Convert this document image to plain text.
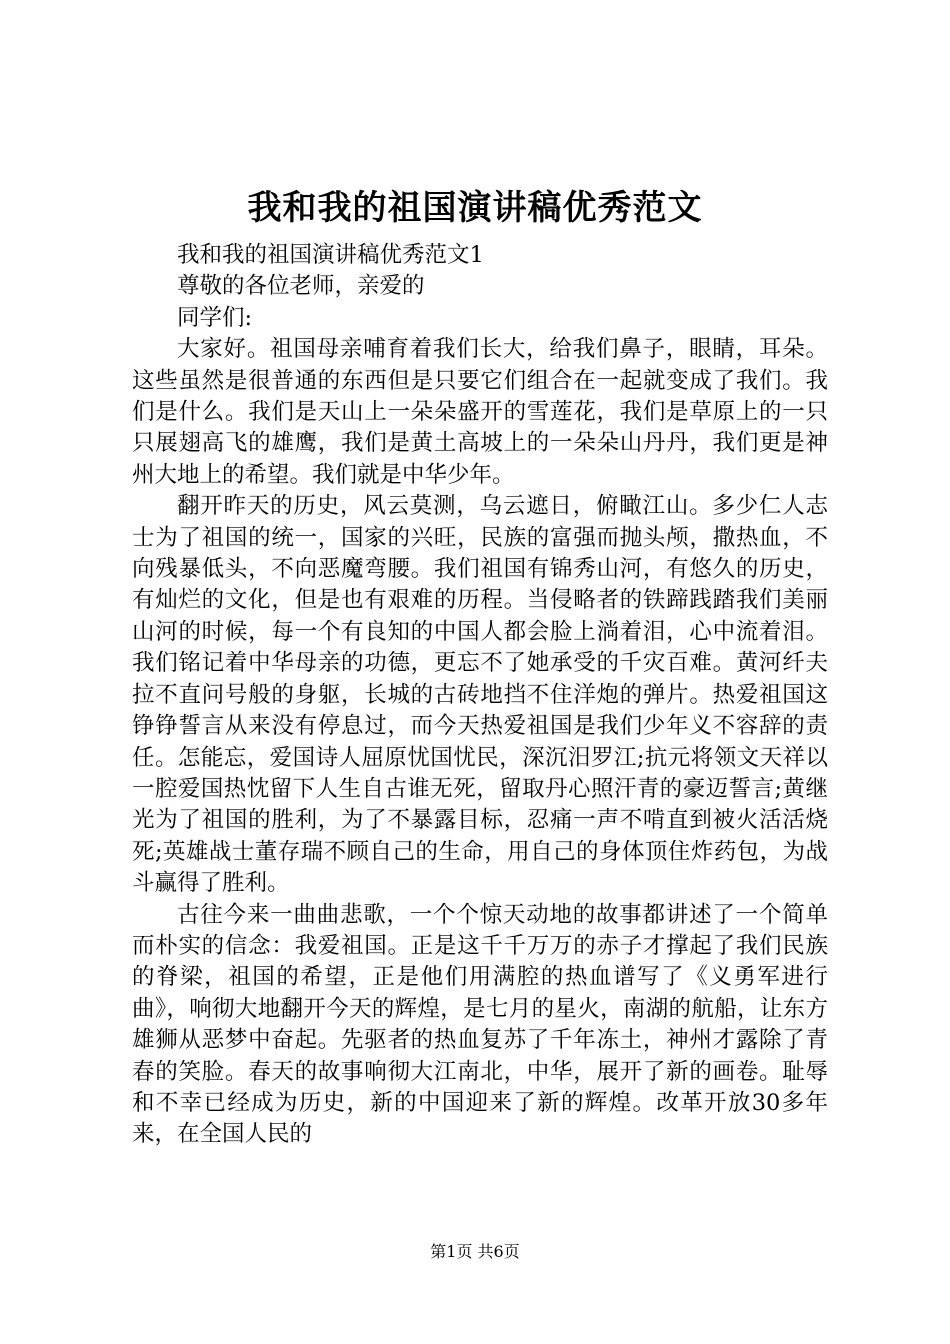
我和我的祖国演讲稿优秀范文

我和我的祖国演讲稿优秀范文1

尊敬的各位老师，亲爱的

同学们:

大家好。祖国母亲哺育着我们长大，给我们鼻子，眼睛，耳朵。这些虽然是很普通的东西但是只要它们组合在一起就变成了我们。我们是什么。我们是天山上一朵朵盛开的雪莲花，我们是草原上的一只只展翅高飞的雄鹰，我们是黄土高坡上的一朵朵山丹丹，我们更是神州大地上的希望。我们就是中华少年。

翻开昨天的历史，风云莫测，乌云遮日，俯瞰江山。多少仁人志士为了祖国的统一，国家的兴旺，民族的富强而抛头颅，撒热血，不向残暴低头，不向恶魔弯腰。我们祖国有锦秀山河，有悠久的历史，有灿烂的文化，但是也有艰难的历程。当侵略者的铁蹄践踏我们美丽山河的时候，每一个有良知的中国人都会脸上淌着泪，心中流着泪。我们铭记着中华母亲的功德，更忘不了她承受的千灾百难。黄河纤夫拉不直问号般的身躯，长城的古砖地挡不住洋炮的弹片。热爱祖国这铮铮誓言从来没有停息过，而今天热爱祖国是我们少年义不容辞的责任。怎能忘，爱国诗人屈原忧国忧民，深沉汨罗江;抗元将领文天祥以一腔爱国热忱留下人生自古谁无死，留取丹心照汗青的豪迈誓言;黄继光为了祖国的胜利，为了不暴露目标，忍痛一声不啃直到被火活活烧死;英雄战士董存瑞不顾自己的生命，用自己的身体顶住炸药包，为战斗赢得了胜利。

古往今来一曲曲悲歌，一个个惊天动地的故事都讲述了一个简单而朴实的信念：我爱祖国。正是这千千万万的赤子才撑起了我们民族的脊梁，祖国的希望，正是他们用满腔的热血谱写了《义勇军进行曲》，响彻大地翻开今天的辉煌，是七月的星火，南湖的航船，让东方雄狮从恶梦中奋起。先驱者的热血复苏了千年冻土，神州才露除了青春的笑脸。春天的故事响彻大江南北，中华，展开了新的画卷。耻辱和不幸已经成为历史，新的中国迎来了新的辉煌。改革开放30多年来，在全国人民的

第1页 共6页
